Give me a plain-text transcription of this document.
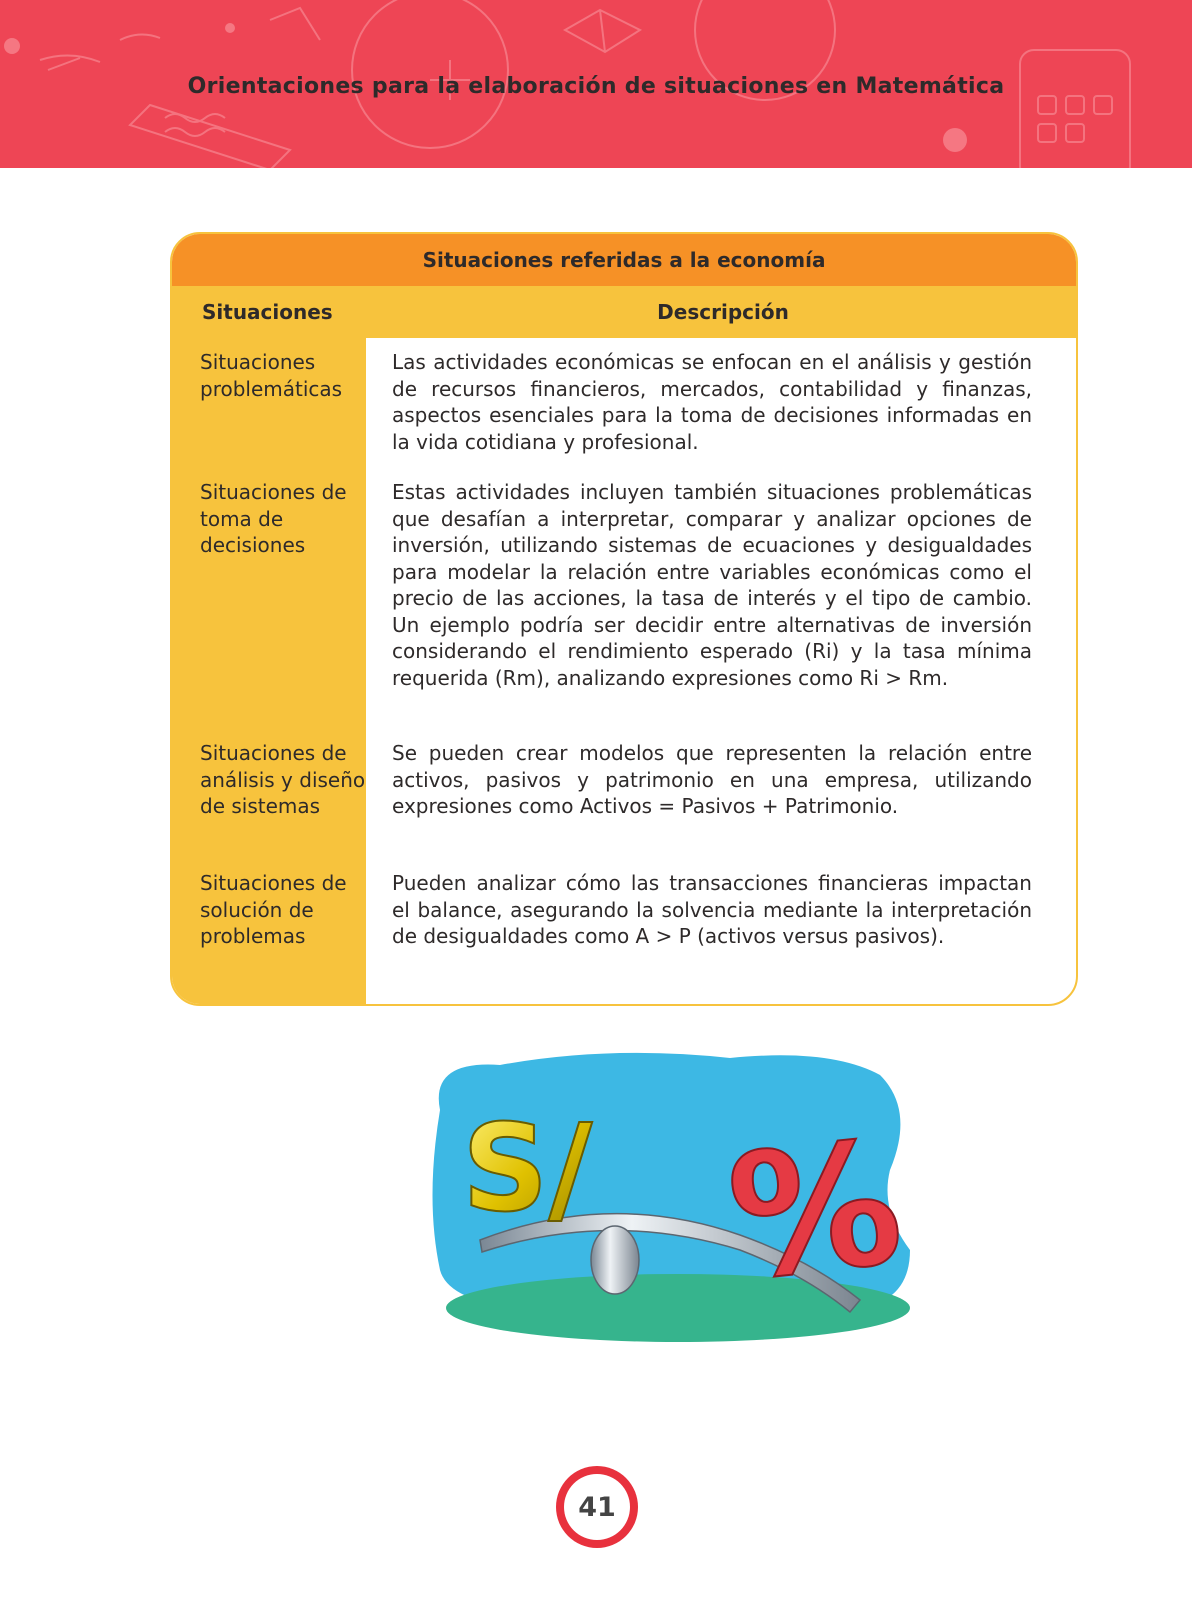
Orientaciones para la elaboración de situaciones en Matemática
Situaciones referidas a la economía
Situaciones	Descripción
Situaciones problemáticas
Las actividades económicas se enfocan en el análisis y gestión de recursos financieros, mercados, contabilidad y finanzas, aspectos esenciales para la toma de decisiones informadas en la vida cotidiana y profesional.
Situaciones de toma de decisiones
Estas actividades incluyen también situaciones problemáticas que desafían a interpretar, comparar y analizar opciones de inversión, utilizando sistemas de ecuaciones y desigualdades para modelar la relación entre variables económicas como el precio de las acciones, la tasa de interés y el tipo de cambio. Un ejemplo podría ser decidir entre alternativas de inversión considerando el rendimiento esperado (Ri) y la tasa mínima requerida (Rm), analizando expresiones como Ri > Rm.
Situaciones de análisis y diseño de sistemas
Se pueden crear modelos que representen la relación entre activos, pasivos y patrimonio en una empresa, utilizando expresiones como Activos = Pasivos + Patrimonio.
Situaciones de solución de problemas
Pueden analizar cómo las transacciones financieras impactan el balance, asegurando la solvencia mediante la interpretación de desigualdades como A > P (activos versus pasivos).
S/ %
41
